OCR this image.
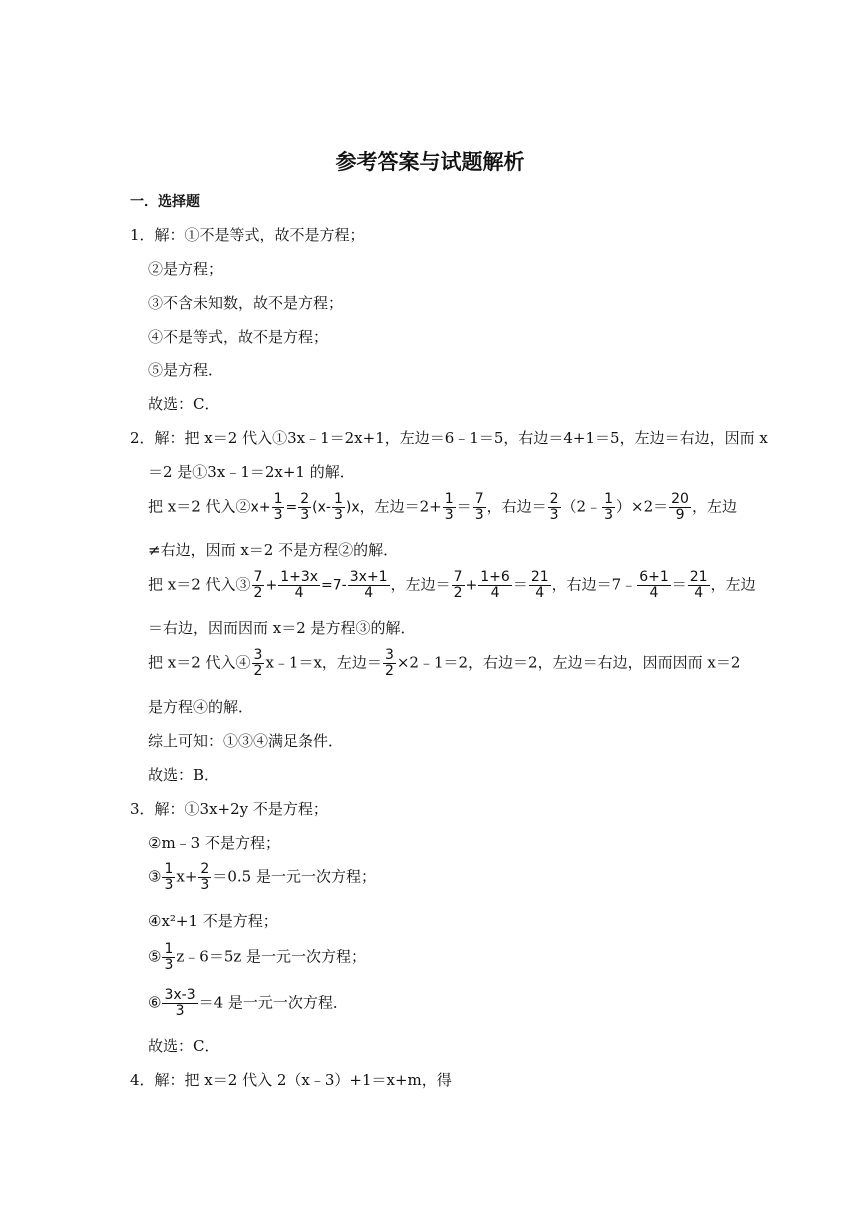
参考答案与试题解析
一．选择题
1．解：①不是等式，故不是方程；
②是方程；
③不含未知数，故不是方程；
④不是等式，故不是方程；
⑤是方程．
故选：C．
2．解：把 x＝2 代入①3x﹣1＝2x+1，左边＝6﹣1＝5，右边＝4+1＝5，左边＝右边，因而 x
＝2 是①3x﹣1＝2x+1 的解．
把 x＝2 代入②x+ $\frac{1}{3} = \frac{2}{3} (x- \frac{1}{3} )x$，左边$=2+ \frac{1}{3} = \frac{7}{3}$ ，右边＝ $\frac{2}{3}$ （2﹣ $\frac{1}{3} )\times 2= \frac{20}{9}$ ，左边
≠右边，因而 x＝2 不是方程②的解．
把 x＝2 代入③ $\frac{7}{2} + \frac{1+3x}{4} =7- \frac{3x+1}{4}$ ，左边＝ $\frac{7}{2} + \frac{1+6}{4} = \frac{21}{4}$ ，右边＝7﹣ $\frac{6+1}{4} = \frac{21}{4}$ ，左边
＝右边，因而因而 x＝2 是方程③的解．
把 x＝2 代入④ $\frac{3}{2}$ x﹣1＝x，左边＝ $\frac{3}{2}$ ×2﹣1＝2，右边＝2，左边＝右边，因而因而 x＝2
是方程④的解．
综上可知：①③④满足条件．
故选：B．
3．解：①3x+2y 不是方程；
②m﹣3 不是方程；
③ $\frac{1}{3} x+ \frac{2}{3} =0.5$ 是一元一次方程；
④x²+1 不是方程；
⑤ $\frac{1}{3}$ z﹣6＝5z 是一元一次方程；
⑥ $\frac{3x-3}{3} =4$ 是一元一次方程．
故选：C．
4．解：把 x＝2 代入 2（x﹣3）+1＝x+m，得
